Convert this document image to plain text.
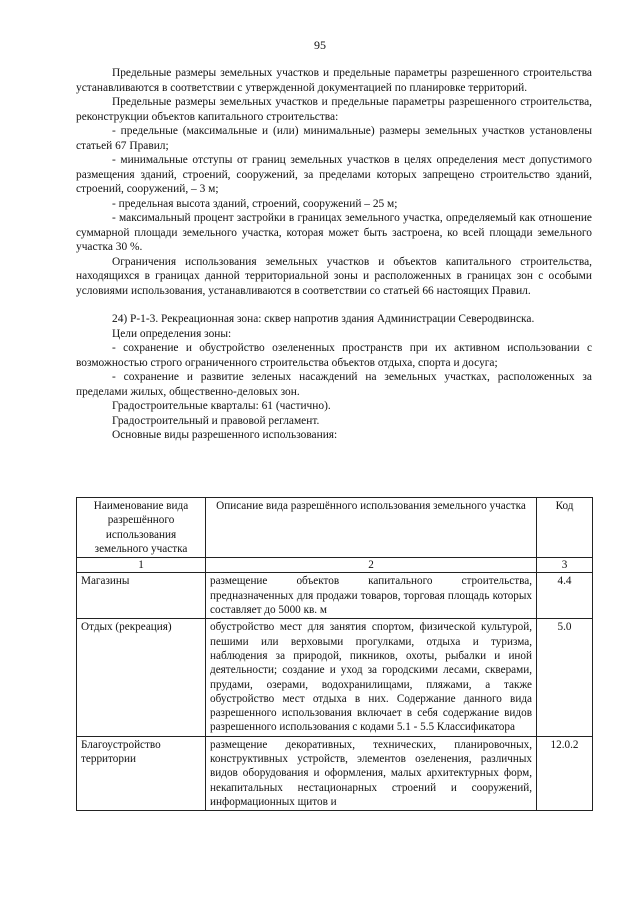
95

Предельные размеры земельных участков и предельные параметры разрешенного строительства устанавливаются в соответствии с утвержденной документацией по планировке территорий.

Предельные размеры земельных участков и предельные параметры разрешенного строительства, реконструкции объектов капитального строительства:

- предельные (максимальные и (или) минимальные) размеры земельных участков установлены статьей 67 Правил;

- минимальные отступы от границ земельных участков в целях определения мест допустимого размещения зданий, строений, сооружений, за пределами которых запрещено строительство зданий, строений, сооружений, – 3 м;

- предельная высота зданий, строений, сооружений – 25 м;

- максимальный процент застройки в границах земельного участка, определяемый как отношение суммарной площади земельного участка, которая может быть застроена, ко всей площади земельного участка 30 %.

Ограничения использования земельных участков и объектов капитального строительства, находящихся в границах данной территориальной зоны и расположенных в границах зон с особыми условиями использования, устанавливаются в соответствии со статьей 66 настоящих Правил.

24) Р-1-3. Рекреационная зона: сквер напротив здания Администрации Северодвинска.

Цели определения зоны:

- сохранение и обустройство озелененных пространств при их активном использовании с возможностью строго ограниченного строительства объектов отдыха, спорта и досуга;

- сохранение и развитие зеленых насаждений на земельных участках, расположенных за пределами жилых, общественно-деловых зон.

Градостроительные кварталы: 61 (частично).

Градостроительный и правовой регламент.

Основные виды разрешенного использования:

Наименование вида разрешённого использования земельного участка	Описание вида разрешённого использования земельного участка	Код
1	2	3
Магазины	размещение объектов капитального строительства, предназначенных для продажи товаров, торговая площадь которых составляет до 5000 кв. м	4.4
Отдых (рекреация)	обустройство мест для занятия спортом, физической культурой, пешими или верховыми прогулками, отдыха и туризма, наблюдения за природой, пикников, охоты, рыбалки и иной деятельности; создание и уход за городскими лесами, скверами, прудами, озерами, водохранилищами, пляжами, а также обустройство мест отдыха в них. Содержание данного вида разрешенного использования включает в себя содержание видов разрешенного использования с кодами 5.1 - 5.5 Классификатора	5.0
Благоустройство территории	размещение декоративных, технических, планировочных, конструктивных устройств, элементов озеленения, различных видов оборудования и оформления, малых архитектурных форм, некапитальных нестационарных строений и сооружений, информационных щитов и	12.0.2
